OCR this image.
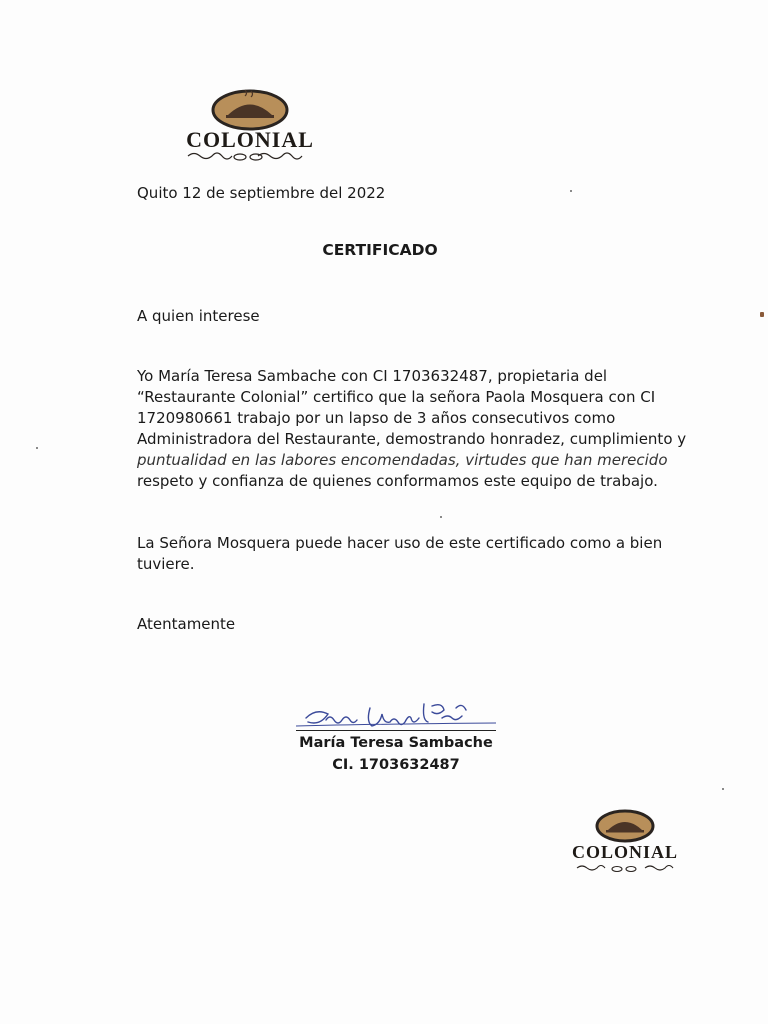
COLONIAL
Quito 12 de septiembre del 2022
CERTIFICADO
A quien interese

Yo María Teresa Sambache con CI 1703632487, propietaria del

“Restaurante Colonial” certifico que la señora Paola Mosquera con CI

1720980661 trabajo por un lapso de 3 años consecutivos como

Administradora del Restaurante, demostrando honradez, cumplimiento y

puntualidad en las labores encomendadas, virtudes que han merecido

respeto y confianza de quienes conformamos este equipo de trabajo.

La Señora Mosquera puede hacer uso de este certificado como a bien

tuviere.

Atentamente
María Teresa Sambache
CI. 1703632487
COLONIAL
